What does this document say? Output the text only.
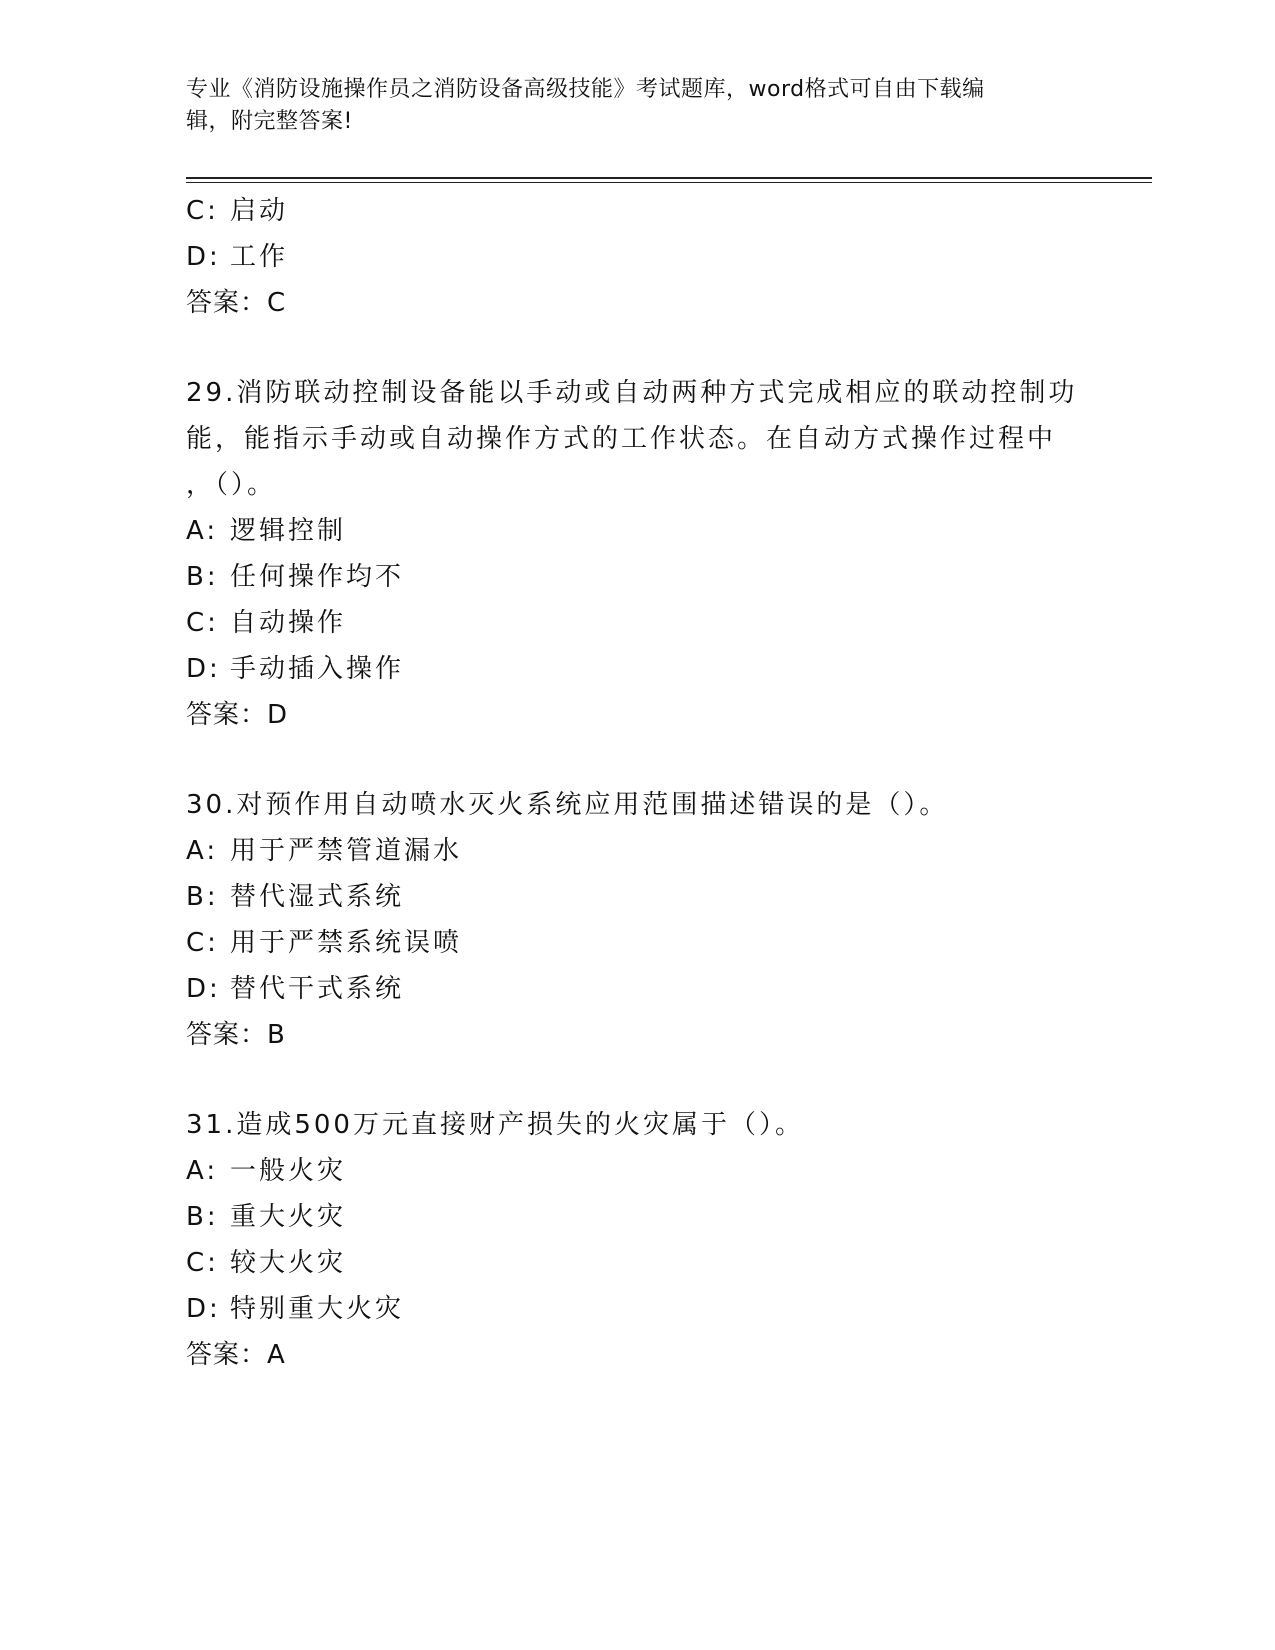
专业《消防设施操作员之消防设备高级技能》考试题库，word格式可自由下载编
辑，附完整答案!
C: 启动
D: 工作
答案：C
29.消防联动控制设备能以手动或自动两种方式完成相应的联动控制功
能，能指示手动或自动操作方式的工作状态。在自动方式操作过程中
，（）。
A: 逻辑控制
B: 任何操作均不
C: 自动操作
D: 手动插入操作
答案：D
30.对预作用自动喷水灭火系统应用范围描述错误的是（）。
A: 用于严禁管道漏水
B: 替代湿式系统
C: 用于严禁系统误喷
D: 替代干式系统
答案：B
31.造成500万元直接财产损失的火灾属于（）。
A: 一般火灾
B: 重大火灾
C: 较大火灾
D: 特别重大火灾
答案：A
